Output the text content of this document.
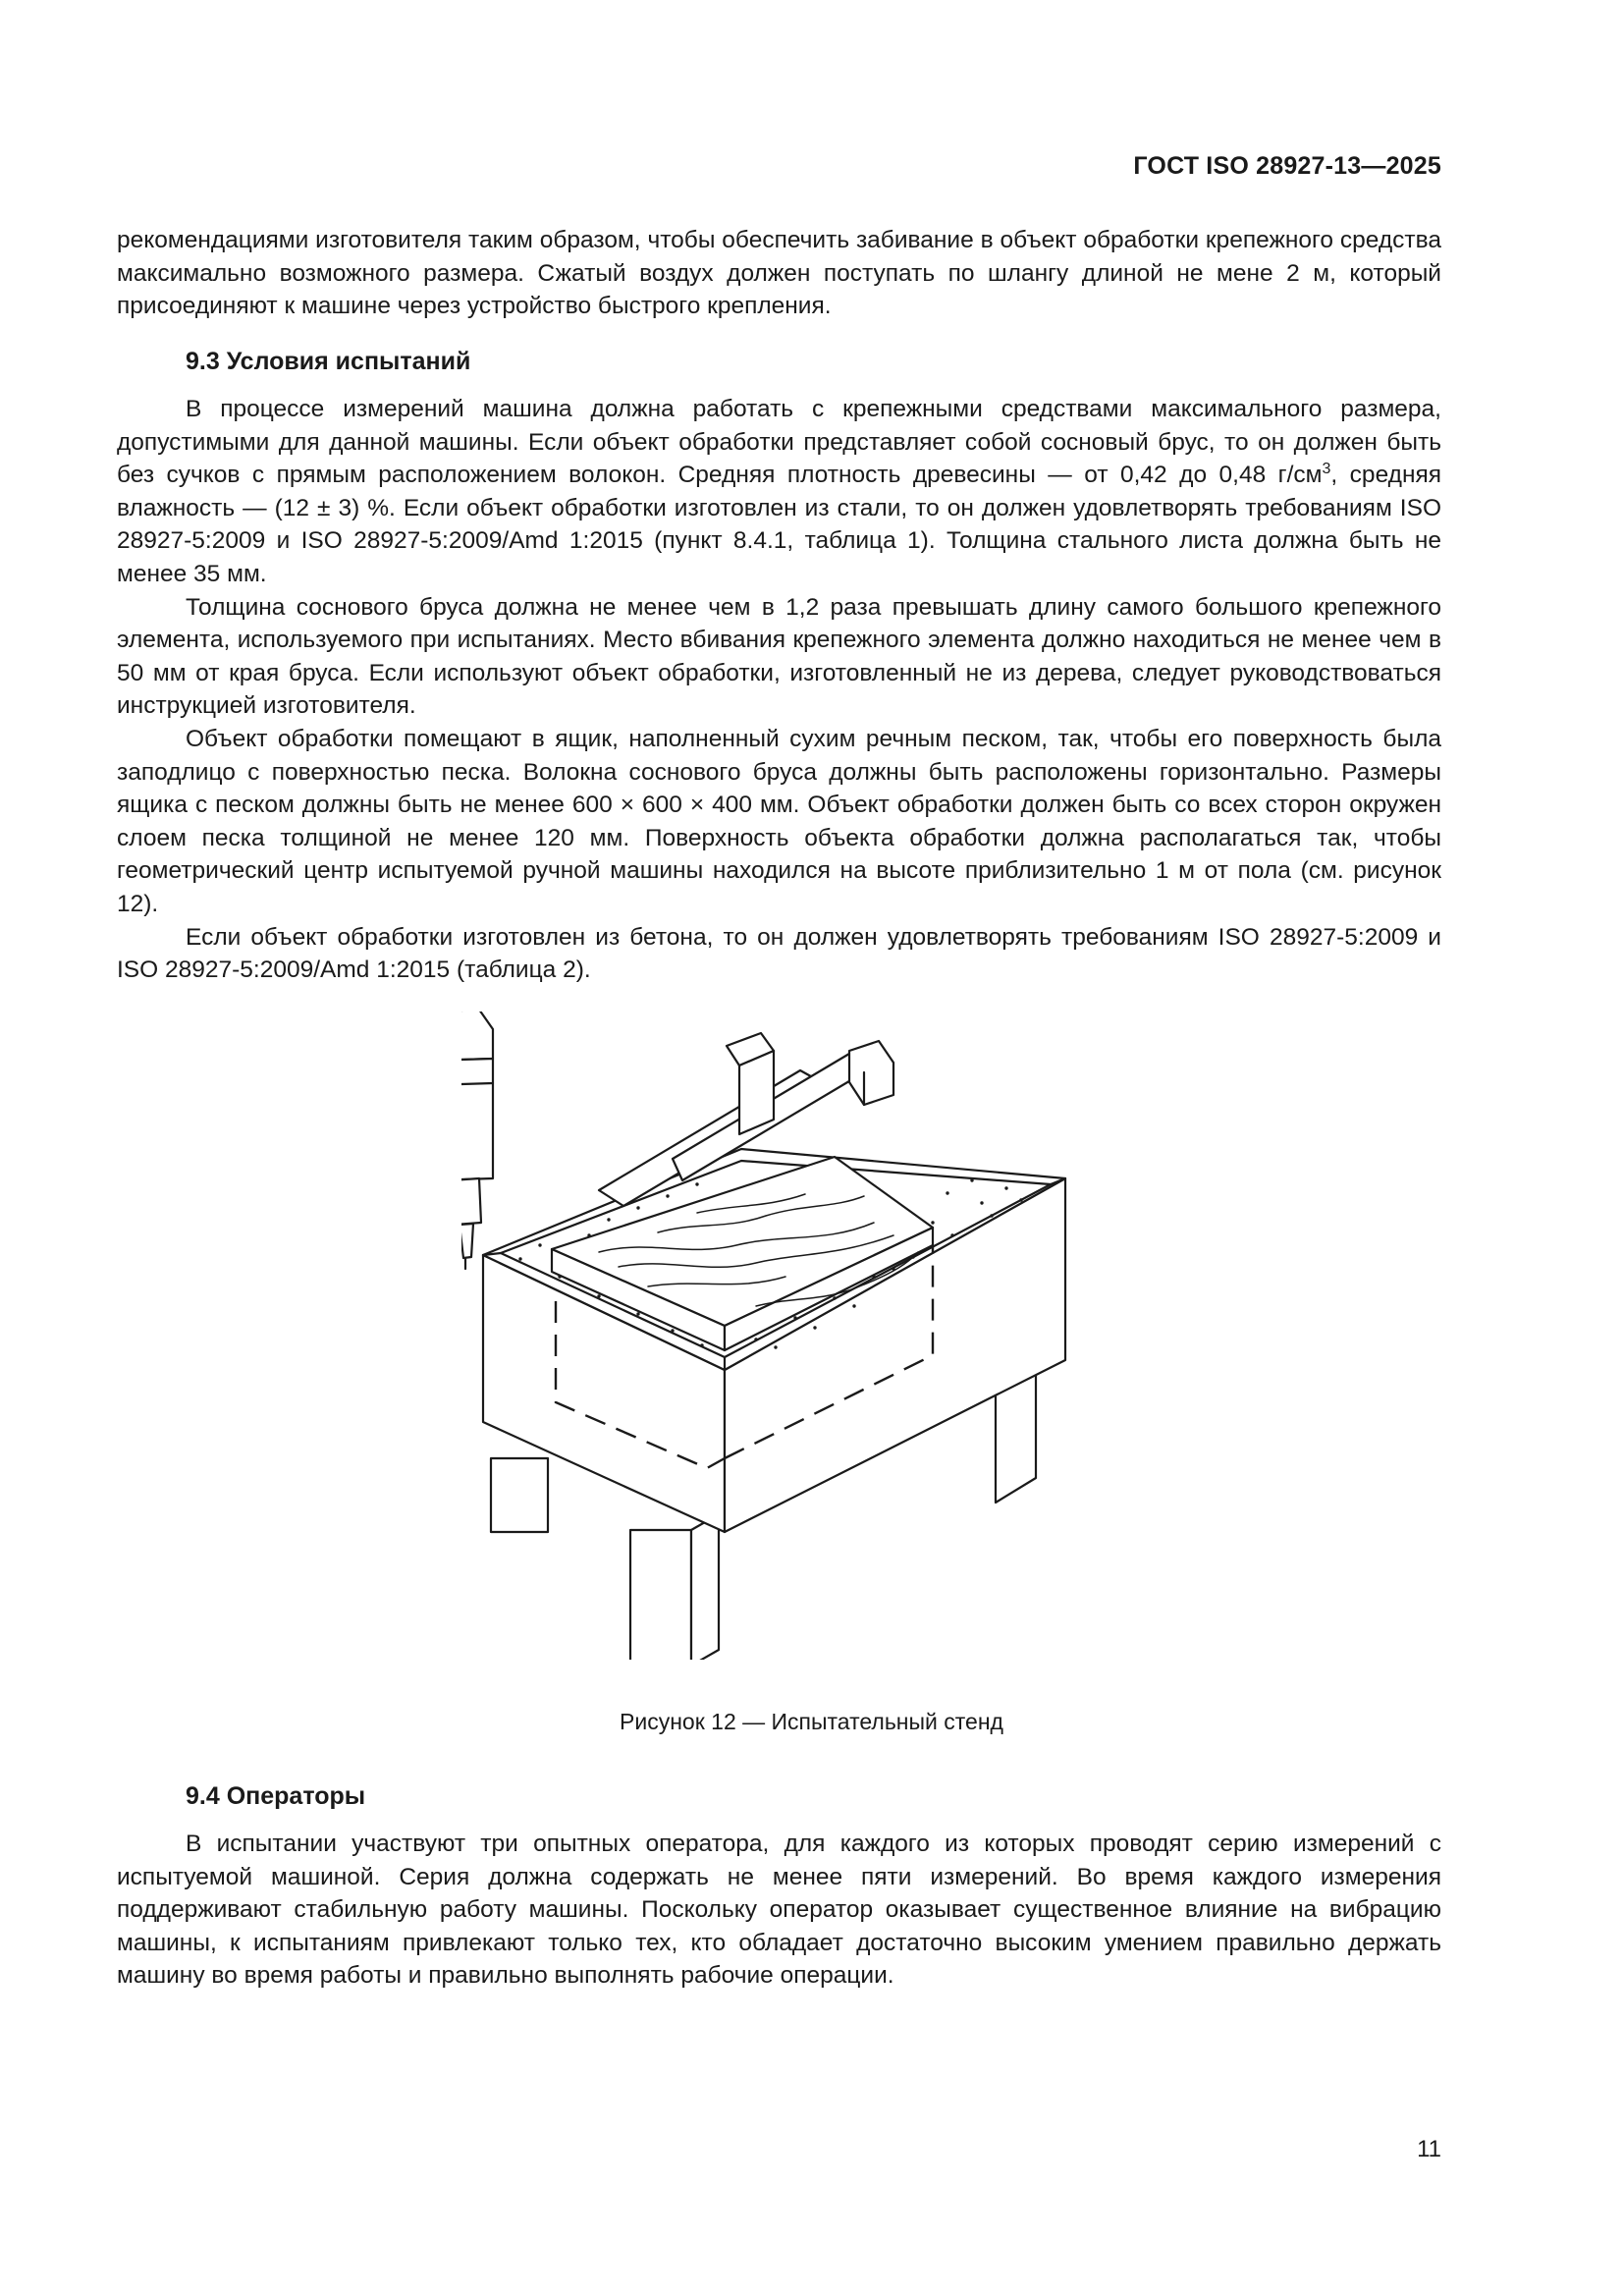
ГОСТ ISO 28927-13—2025

рекомендациями изготовителя таким образом, чтобы обеспечить забивание в объект обработки крепежного средства максимально возможного размера. Сжатый воздух должен поступать по шлангу длиной не мене 2 м, который присоединяют к машине через устройство быстрого крепления.

9.3 Условия испытаний

В процессе измерений машина должна работать с крепежными средствами максимального размера, допустимыми для данной машины. Если объект обработки представляет собой сосновый брус, то он должен быть без сучков с прямым расположением волокон. Средняя плотность древесины — от 0,42 до 0,48 $г/см^3$, средняя влажность — (12 ± 3) %. Если объект обработки изготовлен из стали, то он должен удовлетворять требованиям ISO 28927-5:2009 и ISO 28927-5:2009/Amd 1:2015 (пункт 8.4.1, таблица 1). Толщина стального листа должна быть не менее 35 мм.

Толщина соснового бруса должна не менее чем в 1,2 раза превышать длину самого большого крепежного элемента, используемого при испытаниях. Место вбивания крепежного элемента должно находиться не менее чем в 50 мм от края бруса. Если используют объект обработки, изготовленный не из дерева, следует руководствоваться инструкцией изготовителя.

Объект обработки помещают в ящик, наполненный сухим речным песком, так, чтобы его поверхность была заподлицо с поверхностью песка. Волокна соснового бруса должны быть расположены горизонтально. Размеры ящика с песком должны быть не менее 600 × 600 × 400 мм. Объект обработки должен быть со всех сторон окружен слоем песка толщиной не менее 120 мм. Поверхность объекта обработки должна располагаться так, чтобы геометрический центр испытуемой ручной машины находился на высоте приблизительно 1 м от пола (см. рисунок 12).

Если объект обработки изготовлен из бетона, то он должен удовлетворять требованиям ISO 28927-5:2009 и ISO 28927-5:2009/Amd 1:2015 (таблица 2).

Рисунок 12 — Испытательный стенд
9.4 Операторы

В испытании участвуют три опытных оператора, для каждого из которых проводят серию измерений с испытуемой машиной. Серия должна содержать не менее пяти измерений. Во время каждого измерения поддерживают стабильную работу машины. Поскольку оператор оказывает существенное влияние на вибрацию машины, к испытаниям привлекают только тех, кто обладает достаточно высоким умением правильно держать машину во время работы и правильно выполнять рабочие операции.

11
